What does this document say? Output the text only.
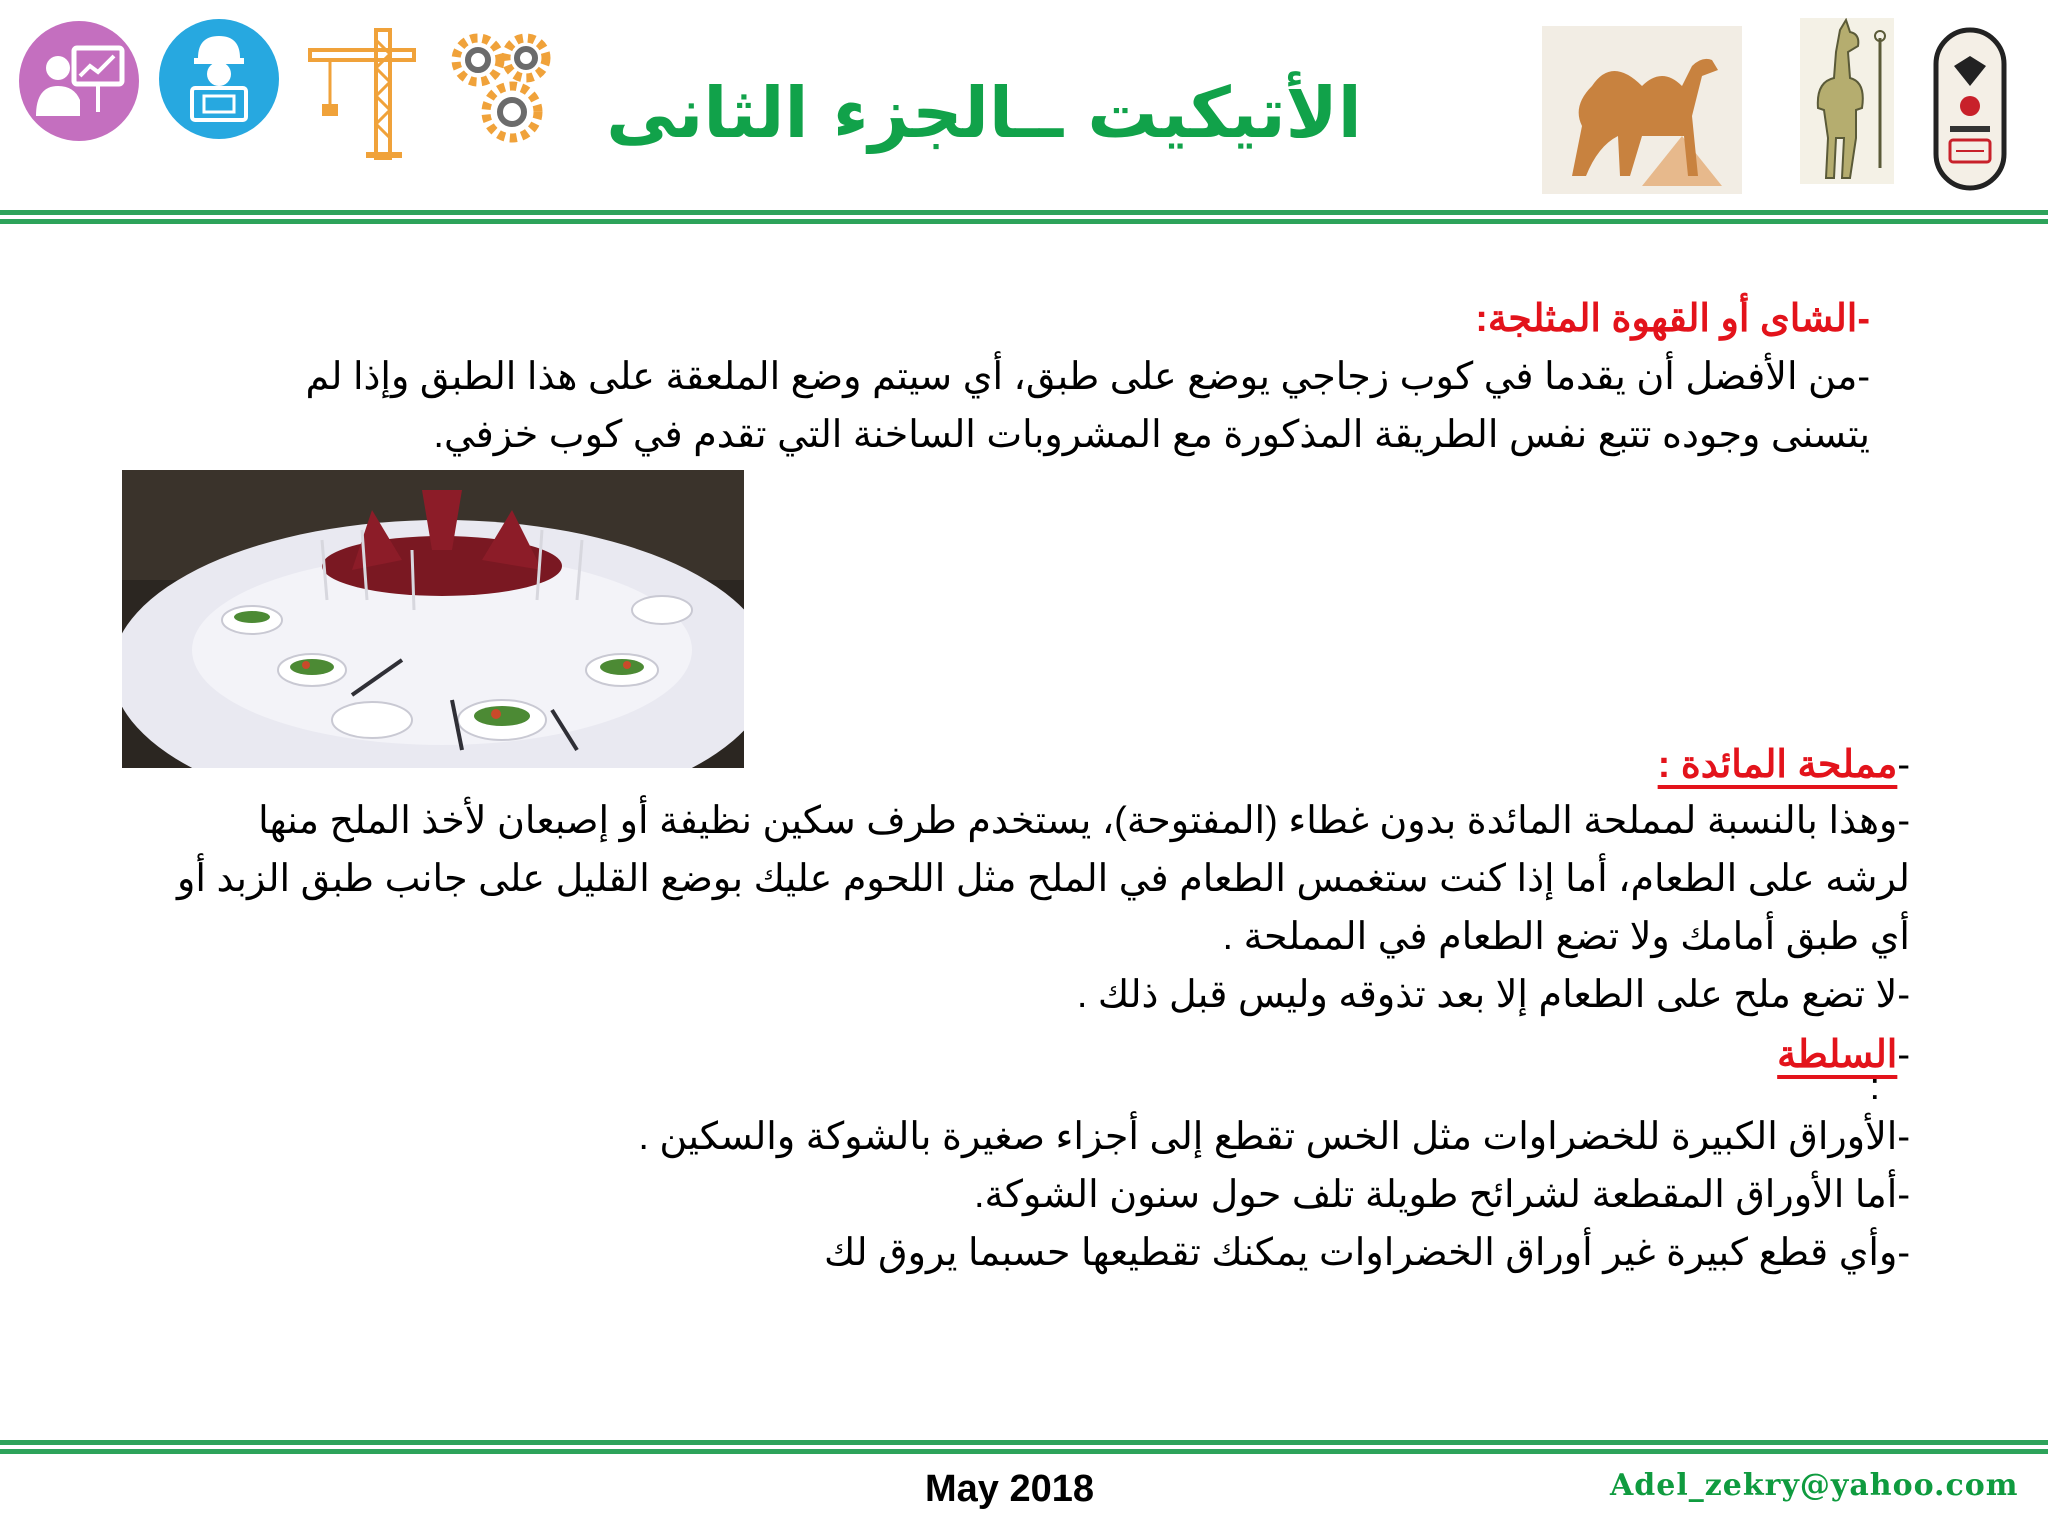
الأتيكيت ــالجزء الثانى
-الشاى أو القهوة المثلجة:
-من الأفضل أن يقدما في كوب زجاجي يوضع على طبق، أي سيتم وضع الملعقة على هذا الطبق وإذا لم
يتسنى وجوده تتبع نفس الطريقة المذكورة مع المشروبات الساخنة التي تقدم في كوب خزفي.
-مملحة المائدة :
-وهذا بالنسبة لمملحة المائدة بدون غطاء (المفتوحة)، يستخدم طرف سكين نظيفة أو إصبعان لأخذ الملح منها
لرشه على الطعام، أما إذا كنت ستغمس الطعام في الملح مثل اللحوم عليك بوضع القليل على جانب طبق الزبد أو
أي طبق أمامك ولا تضع الطعام في المملحة .
-لا تضع ملح على الطعام إلا بعد تذوقه وليس قبل ذلك .
-السلطة
:
-الأوراق الكبيرة للخضراوات مثل الخس تقطع إلى أجزاء صغيرة بالشوكة والسكين .
-أما الأوراق المقطعة لشرائح طويلة تلف حول سنون الشوكة.
-وأي قطع كبيرة غير أوراق الخضراوات يمكنك تقطيعها حسبما يروق لك
May 2018	Adel_zekry@yahoo.com
